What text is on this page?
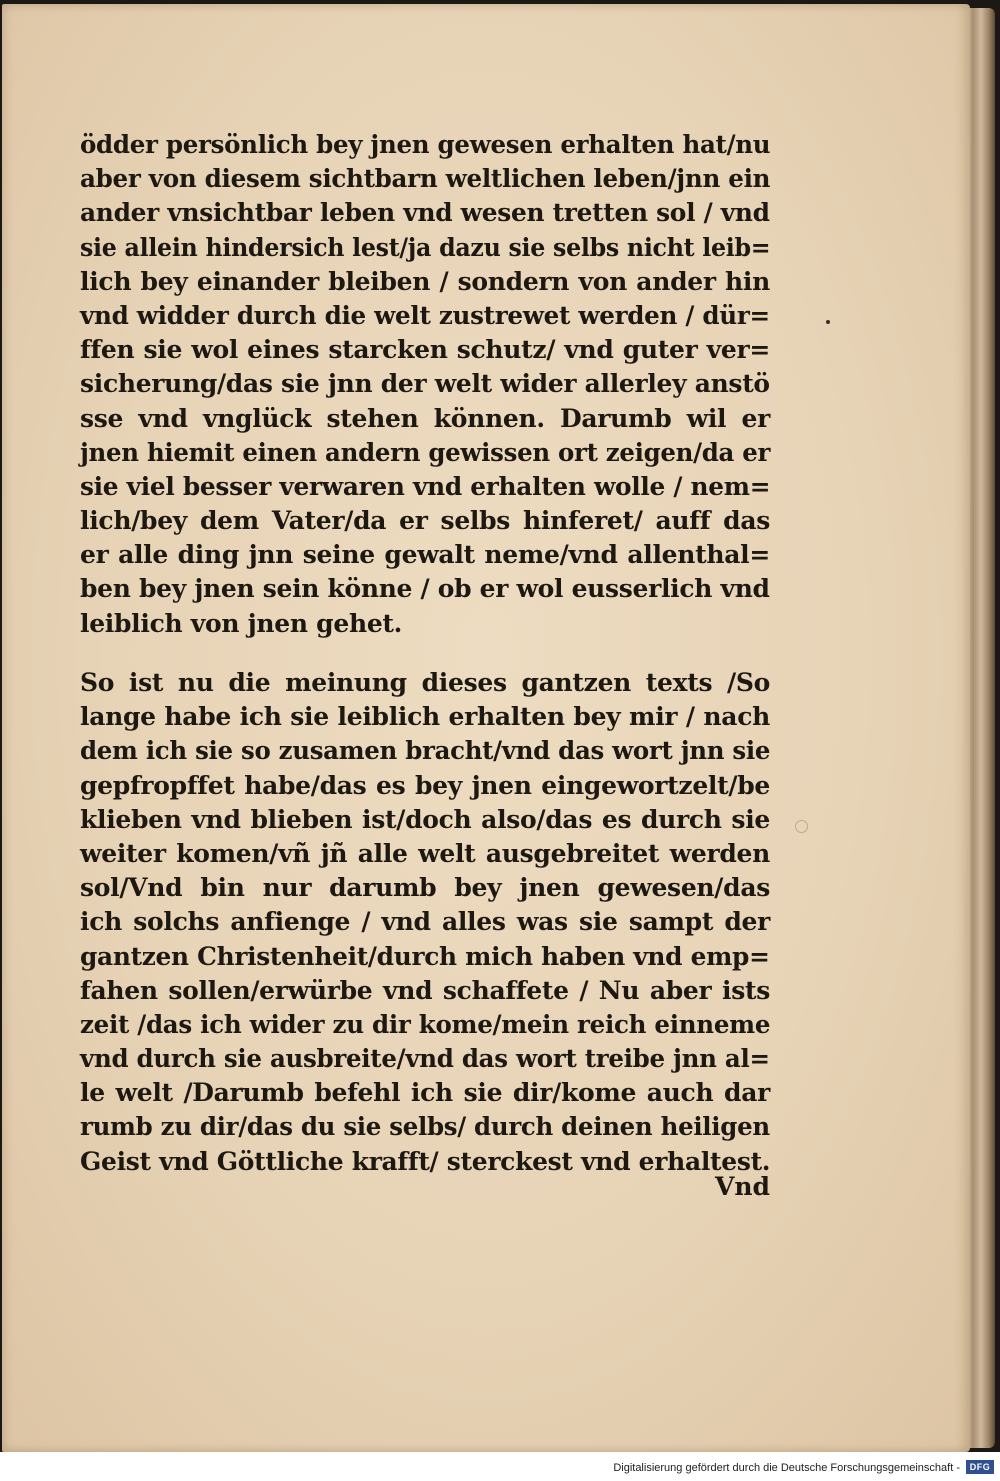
ödder persönlich bey jnen gewesen erhalten hat/nu
aber von diesem sichtbarn weltlichen leben/jnn ein
ander vnsichtbar leben vnd wesen tretten sol / vnd
sie allein hindersich lest/ja dazu sie selbs nicht leib=
lich bey einander bleiben / sondern von ander hin
vnd widder durch die welt zustrewet werden / dür=
ffen sie wol eines starcken schutz/ vnd guter ver=
sicherung/das sie jnn der welt wider allerley anstö
sse vnd vnglück stehen können. Darumb wil er
jnen hiemit einen andern gewissen ort zeigen/da er
sie viel besser verwaren vnd erhalten wolle / nem=
lich/bey dem Vater/da er selbs hinferet/ auff das
er alle ding jnn seine gewalt neme/vnd allenthal=
ben bey jnen sein könne / ob er wol eusserlich vnd
leiblich von jnen gehet.
So ist nu die meinung dieses gantzen texts /So
lange habe ich sie leiblich erhalten bey mir / nach
dem ich sie so zusamen bracht/vnd das wort jnn sie
gepfropffet habe/das es bey jnen eingewortzelt/be
klieben vnd blieben ist/doch also/das es durch sie
weiter komen/vñ jñ alle welt ausgebreitet werden
sol/Vnd bin nur darumb bey jnen gewesen/das
ich solchs anfienge / vnd alles was sie sampt der
gantzen Christenheit/durch mich haben vnd emp=
fahen sollen/erwürbe vnd schaffete / Nu aber ists
zeit /das ich wider zu dir kome/mein reich einneme
vnd durch sie ausbreite/vnd das wort treibe jnn al=
le welt /Darumb befehl ich sie dir/kome auch dar
rumb zu dir/das du sie selbs/ durch deinen heiligen
Geist vnd Göttliche krafft/ sterckest vnd erhaltest.
Vnd
Digitalisierung gefördert durch die Deutsche Forschungsgemeinschaft -	DFG
